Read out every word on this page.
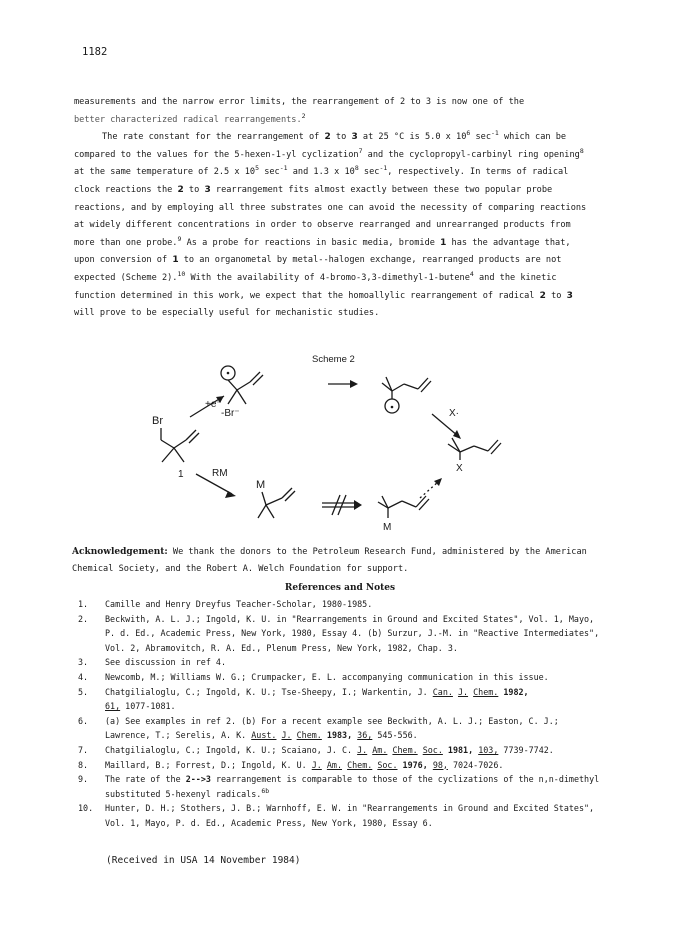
1182

measurements and the narrow error limits, the rearrangement of 2 to 3 is now one of the
better characterized radical rearrangements.$^2$

The rate constant for the rearrangement of 2 to 3 at 25 °C is 5.0 x $10^6$ $\sec^{-1}$ which can be compared to the values for the 5-hexen-1-yl cyclization$^7$ and the cyclopropyl-carbinyl ring opening$^8$ at the same temperature of 2.5 x $10^5$ $\sec^{-1}$ and 1.3 x $10^8$ $\sec^{-1}$, respectively. In terms of radical clock reactions the 2 to 3 rearrangement fits almost exactly between these two popular probe reactions, and by employing all three substrates one can avoid the necessity of comparing reactions at widely different concentrations in order to observe rearranged and unrearranged products from more than one probe.$^9$ As a probe for reactions in basic media, bromide 1 has the advantage that, upon conversion of 1 to an organometal by metal--halogen exchange, rearranged products are not expected (Scheme 2).$^{10}$ With the availability of 4-bromo-3,3-dimethyl-1-butene$^4$ and the kinetic function determined in this work, we expect that the homoallylic rearrangement of radical 2 to 3 will prove to be especially useful for mechanistic studies.

Scheme 2
Br
1
+e⁻
-Br⁻	X·
X
RM
M
M
Acknowledgement: We thank the donors to the Petroleum Research Fund, administered by the American Chemical Society, and the Robert A. Welch Foundation for support.
References and Notes
1.	Camille and Henry Dreyfus Teacher-Scholar, 1980-1985.
2.	Beckwith, A. L. J.; Ingold, K. U. in "Rearrangements in Ground and Excited States", Vol. 1, Mayo, P. d. Ed., Academic Press, New York, 1980, Essay 4. (b) Surzur, J.-M. in "Reactive Intermediates", Vol. 2, Abramovitch, R. A. Ed., Plenum Press, New York, 1982, Chap. 3.
3.	See discussion in ref 4.
4.	Newcomb, M.; Williams W. G.; Crumpacker, E. L. accompanying communication in this issue.
5.	Chatgilialoglu, C.; Ingold, K. U.; Tse-Sheepy, I.; Warkentin, J. Can. J. Chem. 1982,
61, 1077-1081.
6.	(a) See examples in ref 2. (b) For a recent example see Beckwith, A. L. J.; Easton, C. J.; Lawrence, T.; Serelis, A. K. Aust. J. Chem. 1983, 36, 545-556.
7.	Chatgilialoglu, C.; Ingold, K. U.; Scaiano, J. C. J. Am. Chem. Soc. 1981, 103, 7739-7742.
8.	Maillard, B.; Forrest, D.; Ingold, K. U. J. Am. Chem. Soc. 1976, 98, 7024-7026.
9.	The rate of the 2-->3 rearrangement is comparable to those of the cyclizations of the n,n-dimethyl substituted 5-hexenyl radicals.$^{6b}$
10.	Hunter, D. H.; Stothers, J. B.; Warnhoff, E. W. in "Rearrangements in Ground and Excited States", Vol. 1, Mayo, P. d. Ed., Academic Press, New York, 1980, Essay 6.
(Received in USA 14 November 1984)
